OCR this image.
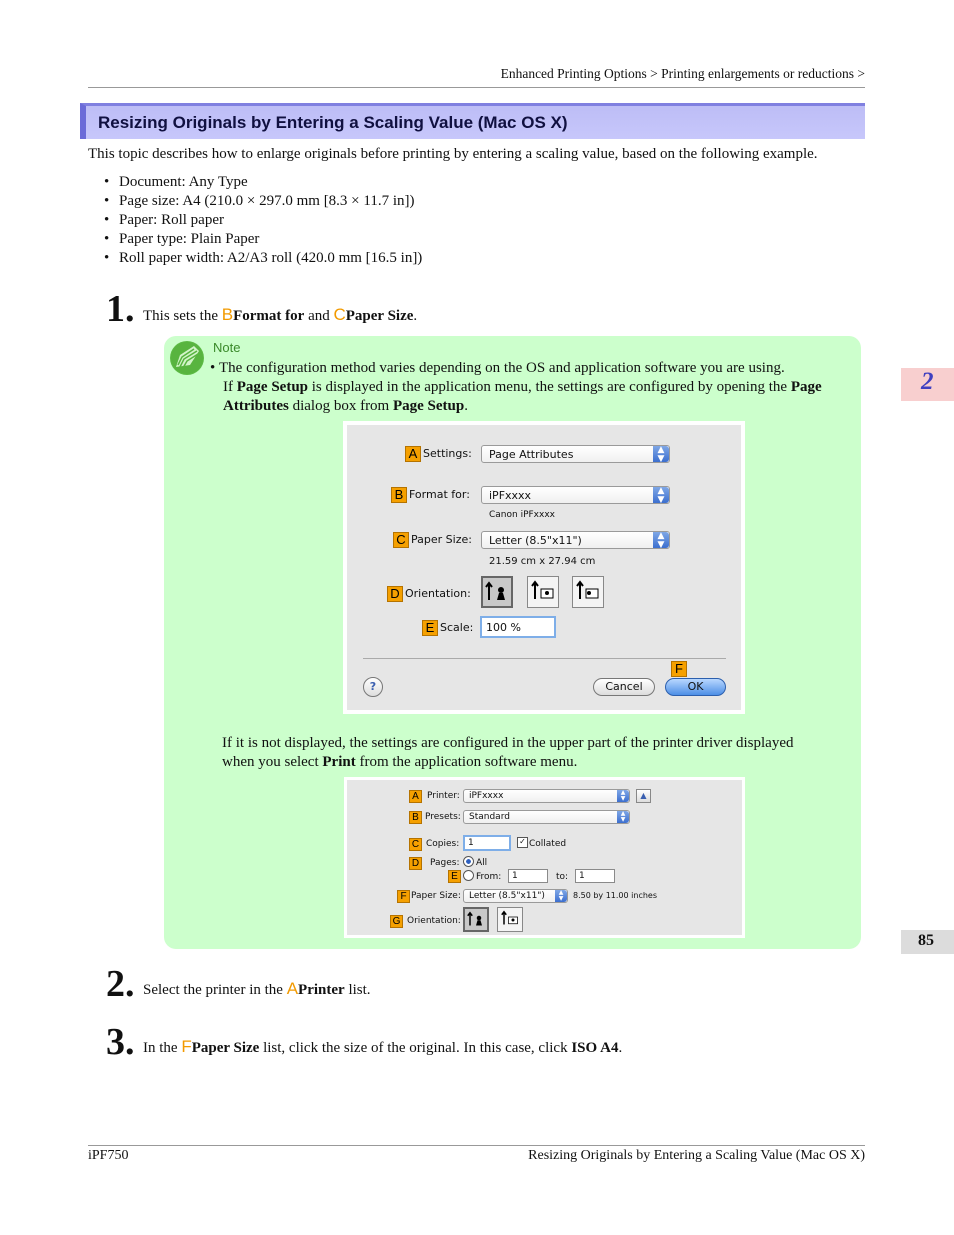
Enhanced Printing Options > Printing enlargements or reductions >
Resizing Originals by Entering a Scaling Value (Mac OS X)
This topic describes how to enlarge originals before printing by entering a scaling value, based on the following example.
• Document: Any Type
• Page size: A4 (210.0 × 297.0 mm [8.3 × 11.7 in])
• Paper: Roll paper
• Paper type: Plain Paper
• Roll paper width: A2/A3 roll (420.0 mm [16.5 in])
1. This sets the BFormat for and CPaper Size.
Note
• The configuration method varies depending on the OS and application software you are using.
If Page Setup is displayed in the application menu, the settings are configured by opening the Page
Attributes dialog box from Page Setup.
A Settings: Page Attributes	▲
▼
B Format for: iPFxxxx	▲
▼
Canon iPFxxxx
C Paper Size: Letter (8.5"x11")	▲
▼
21.59 cm x 27.94 cm
D Orientation:
E Scale: 100 %
F
?	Cancel	OK
If it is not displayed, the settings are configured in the upper part of the printer driver displayed
when you select Print from the application software menu.
A Printer: iPFxxxx	▲
▼	▲
B Presets: Standard	▲
▼
C Copies: 1	✓ Collated
D	Pages: All
E	From: 1	to: 1
F Paper Size: Letter (8.5"x11")	▲
▼	8.50 by 11.00 inches
G Orientation:
2. Select the printer in the APrinter list.
3. In the FPaper Size list, click the size of the original. In this case, click ISO A4.
2
85
iPF750	Resizing Originals by Entering a Scaling Value (Mac OS X)
